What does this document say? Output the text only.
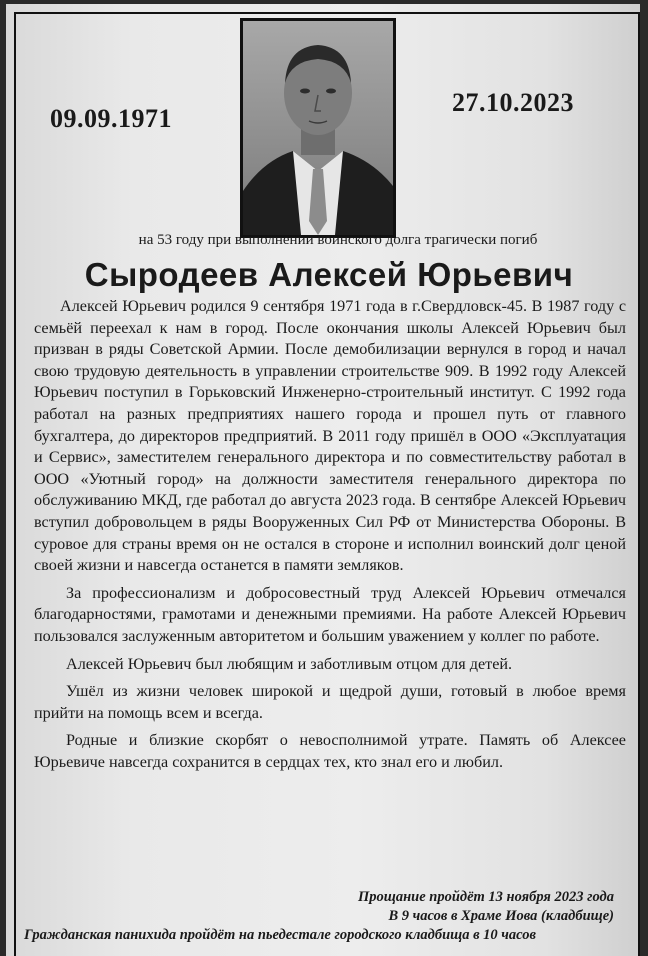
09.09.1971
27.10.2023
на 53 году при выполнении воинского долга трагически погиб
Сыродеев Алексей Юрьевич

Алексей Юрьевич родился 9 сентября 1971 года в г.Свердловск-45. В 1987 году с семьёй переехал к нам в город. После окончания школы Алексей Юрьевич был призван в ряды Советской Армии. После демобилизации вернулся в город и начал свою трудовую деятельность в управлении строительстве 909. В 1992 году Алексей Юрьевич поступил в Горьковский Инженерно-строительный институт. С 1992 года работал на разных предприятиях нашего города и прошел путь от главного бухгалтера, до директоров предприятий. В 2011 году пришёл в ООО «Эксплуатация и Сервис», заместителем генерального директора и по совместительству работал в ООО «Уютный город» на должности заместителя генерального директора по обслуживанию МКД, где работал до августа 2023 года. В сентябре Алексей Юрьевич вступил добровольцем в ряды Вооруженных Сил РФ от Министерства Обороны. В суровое для страны время он не остался в стороне и исполнил воинский долг ценой своей жизни и навсегда останется в памяти земляков.

За профессионализм и добросовестный труд Алексей Юрьевич отмечался благодарностями, грамотами и денежными премиями. На работе Алексей Юрьевич пользовался заслуженным авторитетом и большим уважением у коллег по работе.

Алексей Юрьевич был любящим и заботливым отцом для детей.

Ушёл из жизни человек широкой и щедрой души, готовый в любое время прийти на помощь всем и всегда.

Родные и близкие скорбят о невосполнимой утрате. Память об Алексее Юрьевиче навсегда сохранится в сердцах тех, кто знал его и любил.

Прощание пройдёт 13 ноября 2023 года
В 9 часов в Храме Иова (кладбище)
Гражданская панихида пройдёт на пьедестале городского кладбища в 10 часов
